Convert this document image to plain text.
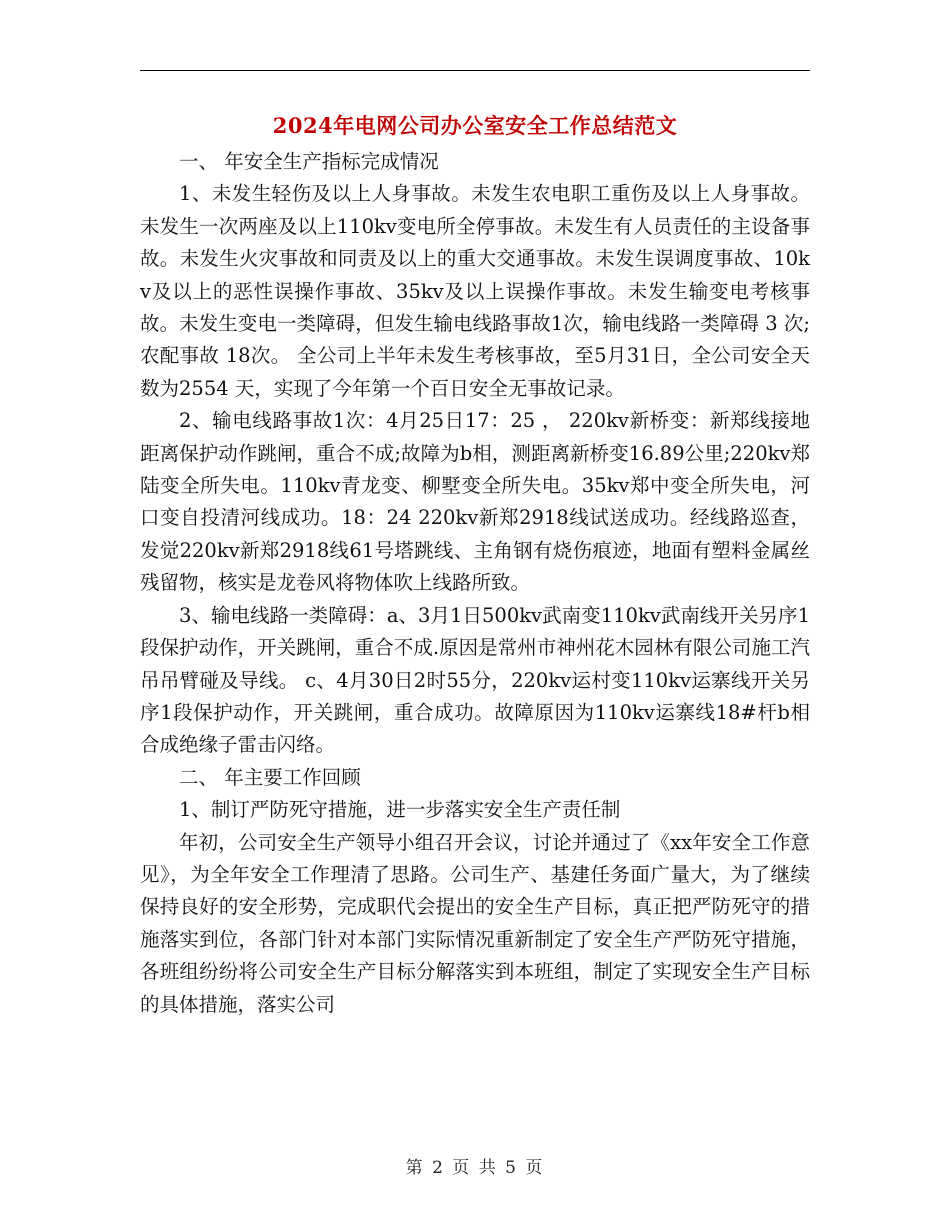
2024年电网公司办公室安全工作总结范文

一、 年安全生产指标完成情况

1、未发生轻伤及以上人身事故。未发生农电职工重伤及以上人身事故。未发生一次两座及以上110kv变电所全停事故。未发生有人员责任的主设备事故。未发生火灾事故和同责及以上的重大交通事故。未发生误调度事故、10kv及以上的恶性误操作事故、35kv及以上误操作事故。未发生输变电考核事故。未发生变电一类障碍，但发生输电线路事故1次，输电线路一类障碍 3 次;农配事故 18次。 全公司上半年未发生考核事故，至5月31日，全公司安全天数为2554 天，实现了今年第一个百日安全无事故记录。

2、输电线路事故1次：4月25日17：25 ， 220kv新桥变：新郑线接地距离保护动作跳闸，重合不成;故障为b相，测距离新桥变16.89公里;220kv郑陆变全所失电。110kv青龙变、柳墅变全所失电。35kv郑中变全所失电，河口变自投清河线成功。18：24 220kv新郑2918线试送成功。经线路巡查，发觉220kv新郑2918线61号塔跳线、主角钢有烧伤痕迹，地面有塑料金属丝残留物，核实是龙卷风将物体吹上线路所致。

3、输电线路一类障碍：a、3月1日500kv武南变110kv武南线开关另序1段保护动作，开关跳闸，重合不成.原因是常州市神州花木园林有限公司施工汽吊吊臂碰及导线。 c、4月30日2时55分，220kv运村变110kv运寨线开关另序1段保护动作，开关跳闸，重合成功。故障原因为110kv运寨线18#杆b相合成绝缘子雷击闪络。

二、 年主要工作回顾

1、制订严防死守措施，进一步落实安全生产责任制

年初，公司安全生产领导小组召开会议，讨论并通过了《xx年安全工作意见》，为全年安全工作理清了思路。公司生产、基建任务面广量大，为了继续保持良好的安全形势，完成职代会提出的安全生产目标，真正把严防死守的措施落实到位，各部门针对本部门实际情况重新制定了安全生产严防死守措施，各班组纷纷将公司安全生产目标分解落实到本班组，制定了实现安全生产目标的具体措施，落实公司

第 2 页 共 5 页
